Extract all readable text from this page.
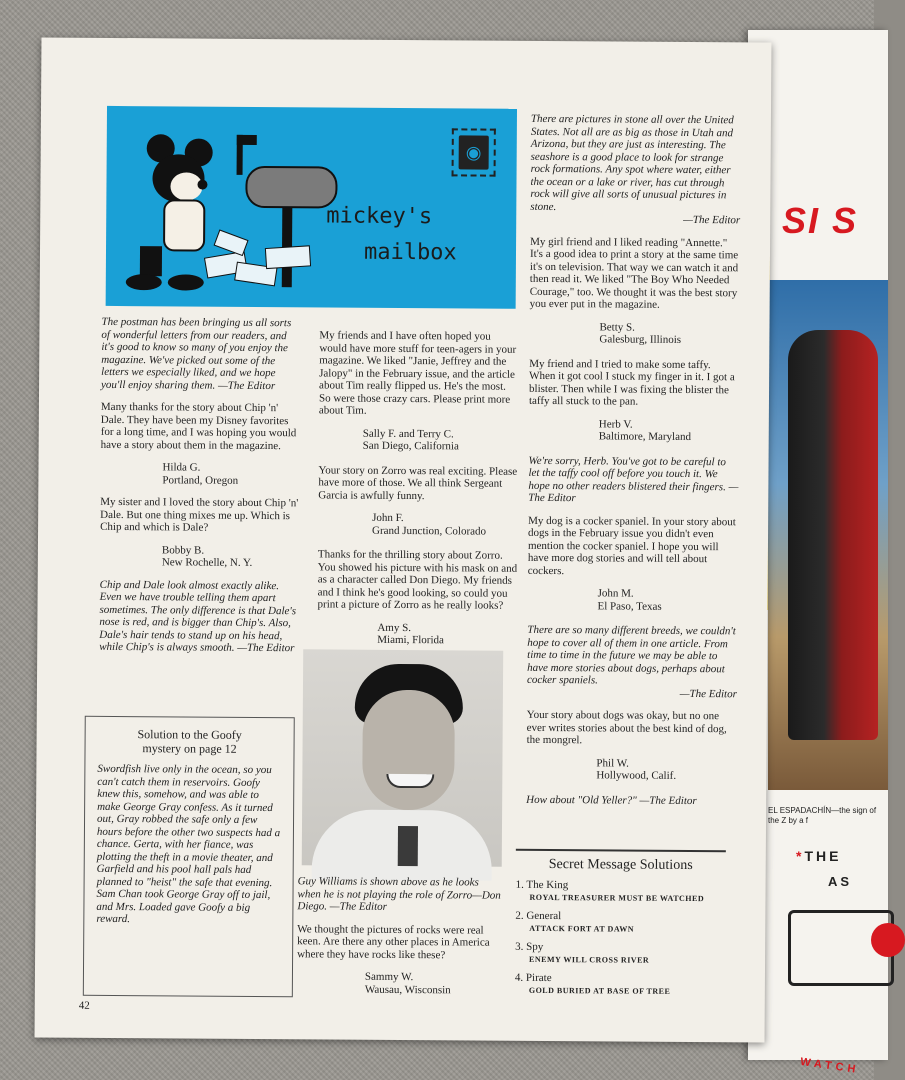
SI S
EL ESPADACHÍN—the sign of the Z by a f
*THE
AS
WATCH
◉
mickey's
mailbox

The postman has been bringing us all sorts of wonderful letters from our readers, and it's good to know so many of you enjoy the magazine. We've picked out some of the letters we especially liked, and we hope you'll enjoy sharing them. —The Editor

Many thanks for the story about Chip 'n' Dale. They have been my Disney favorites for a long time, and I was hoping you would have a story about them in the magazine.

Hilda G.
Portland, Oregon

My sister and I loved the story about Chip 'n' Dale. But one thing mixes me up. Which is Chip and which is Dale?

Bobby B.
New Rochelle, N. Y.

Chip and Dale look almost exactly alike. Even we have trouble telling them apart sometimes. The only difference is that Dale's nose is red, and is bigger than Chip's. Also, Dale's hair tends to stand up on his head, while Chip's is always smooth. —The Editor

Solution to the Goofy
mystery on page 12
Swordfish live only in the ocean, so you can't catch them in reservoirs. Goofy knew this, somehow, and was able to make George Gray confess. As it turned out, Gray robbed the safe only a few hours before the other two suspects had a chance. Gerta, with her fiance, was plotting the theft in a movie theater, and Garfield and his pool hall pals had planned to "heist" the safe that evening. Sam Chan took George Gray off to jail, and Mrs. Loaded gave Goofy a big reward.

My friends and I have often hoped you would have more stuff for teen-agers in your magazine. We liked "Janie, Jeffrey and the Jalopy" in the February issue, and the article about Tim really flipped us. He's the most. So were those crazy cars. Please print more about Tim.

Sally F. and Terry C.
San Diego, California

Your story on Zorro was real exciting. Please have more of those. We all think Sergeant Garcia is awfully funny.

John F.
Grand Junction, Colorado

Thanks for the thrilling story about Zorro. You showed his picture with his mask on and as a character called Don Diego. My friends and I think he's good looking, so could you print a picture of Zorro as he really looks?

Amy S.
Miami, Florida

Guy Williams is shown above as he looks when he is not playing the role of Zorro—Don Diego. —The Editor

We thought the pictures of rocks were real keen. Are there any other places in America where they have rocks like these?

Sammy W.
Wausau, Wisconsin

There are pictures in stone all over the United States. Not all are as big as those in Utah and Arizona, but they are just as interesting. The seashore is a good place to look for strange rock formations. Any spot where water, either the ocean or a lake or river, has cut through rock will give all sorts of unusual pictures in stone.

—The Editor

My girl friend and I liked reading "Annette." It's a good idea to print a story at the same time it's on television. That way we can watch it and then read it. We liked "The Boy Who Needed Courage," too. We thought it was the best story you ever put in the magazine.

Betty S.
Galesburg, Illinois

My friend and I tried to make some taffy. When it got cool I stuck my finger in it. I got a blister. Then while I was fixing the blister the taffy all stuck to the pan.

Herb V.
Baltimore, Maryland

We're sorry, Herb. You've got to be careful to let the taffy cool off before you touch it. We hope no other readers blistered their fingers. —The Editor

My dog is a cocker spaniel. In your story about dogs in the February issue you didn't even mention the cocker spaniel. I hope you will have more dog stories and will tell about cockers.

John M.
El Paso, Texas

There are so many different breeds, we couldn't hope to cover all of them in one article. From time to time in the future we may be able to have more stories about dogs, perhaps about cocker spaniels.

—The Editor

Your story about dogs was okay, but no one ever writes stories about the best kind of dog, the mongrel.

Phil W.
Hollywood, Calif.

How about "Old Yeller?" —The Editor

Secret Message Solutions
1. The King
ROYAL TREASURER MUST BE WATCHED
2. General
ATTACK FORT AT DAWN
3. Spy
ENEMY WILL CROSS RIVER
4. Pirate
GOLD BURIED AT BASE OF TREE
42
